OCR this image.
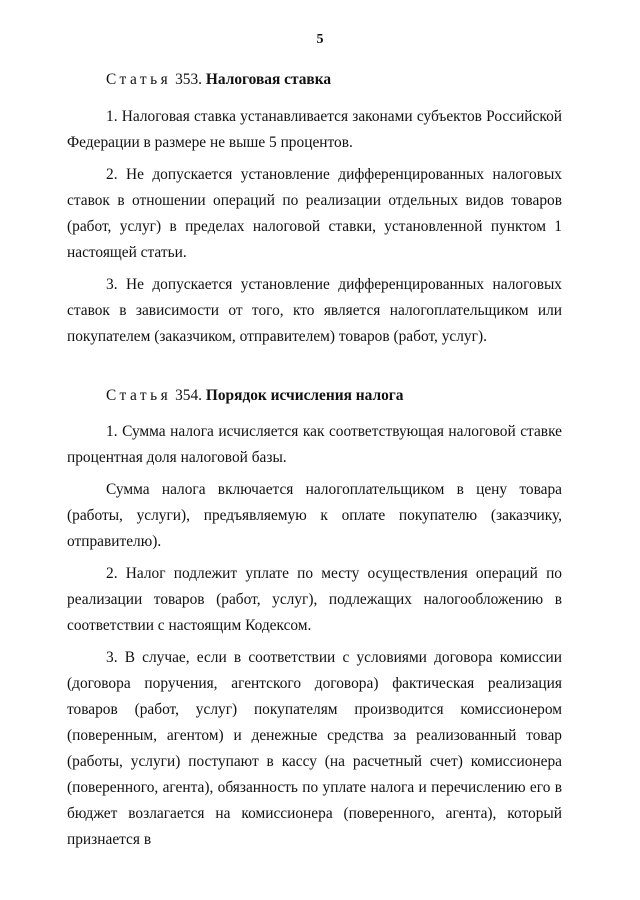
5
Статья 353. Налоговая ставка

1. Налоговая ставка устанавливается законами субъектов Российской Федерации в размере не выше 5 процентов.

2. Не допускается установление дифференцированных налоговых ставок в отношении операций по реализации отдельных видов товаров (работ, услуг) в пределах налоговой ставки, установленной пунктом 1 настоящей статьи.

3. Не допускается установление дифференцированных налоговых ставок в зависимости от того, кто является налогоплательщиком или покупателем (заказчиком, отправителем) товаров (работ, услуг).

Статья 354. Порядок исчисления налога

1. Сумма налога исчисляется как соответствующая налоговой ставке процентная доля налоговой базы.

Сумма налога включается налогоплательщиком в цену товара (работы, услуги), предъявляемую к оплате покупателю (заказчику, отправителю).

2. Налог подлежит уплате по месту осуществления операций по реализации товаров (работ, услуг), подлежащих налогообложению в соответствии с настоящим Кодексом.

3. В случае, если в соответствии с условиями договора комиссии (договора поручения, агентского договора) фактическая реализация товаров (работ, услуг) покупателям производится комиссионером (поверенным, агентом) и денежные средства за реализованный товар (работы, услуги) поступают в кассу (на расчетный счет) комиссионера (поверенного, агента), обязанность по уплате налога и перечислению его в бюджет возлагается на комиссионера (поверенного, агента), который признается в
